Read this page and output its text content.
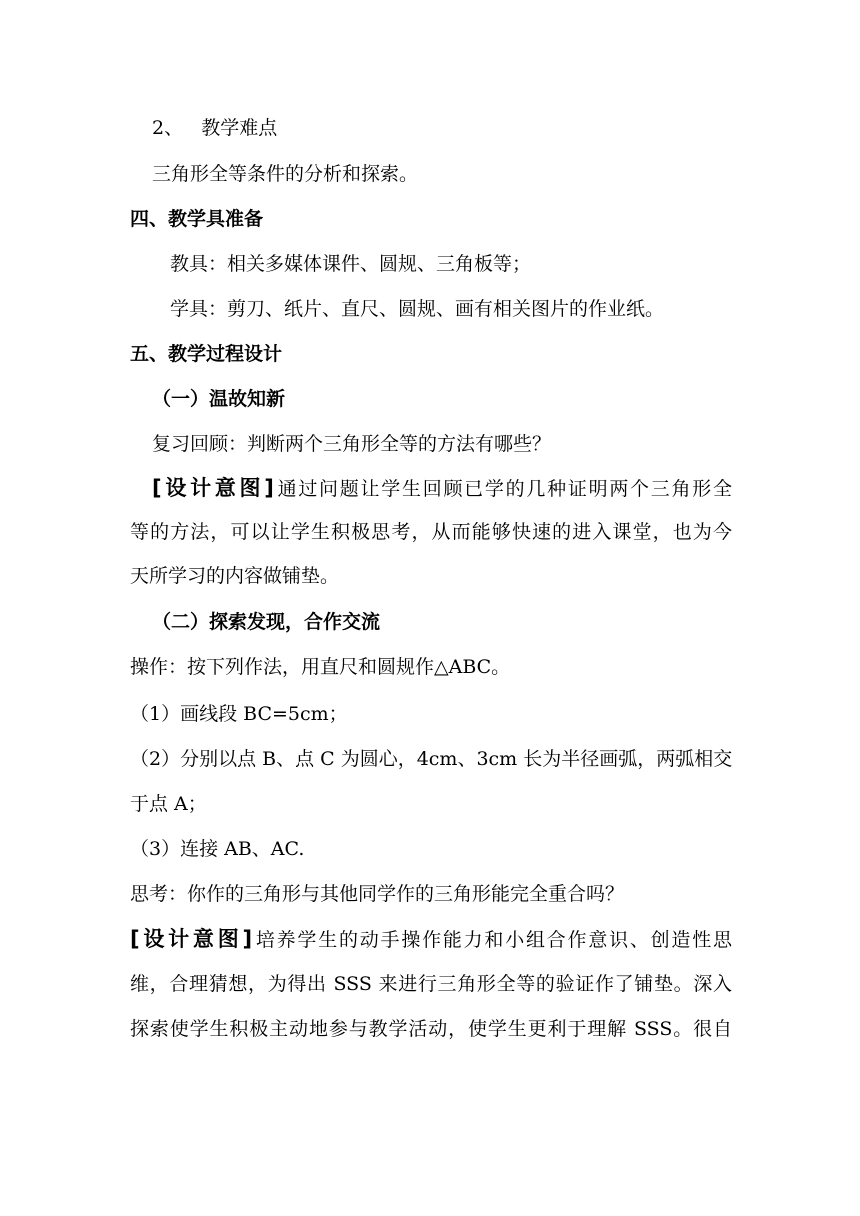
2、 教学难点
三角形全等条件的分析和探索。
四、教学具准备
教具：相关多媒体课件、圆规、三角板等；
学具：剪刀、纸片、直尺、圆规、画有相关图片的作业纸。
五、教学过程设计
（一）温故知新
复习回顾：判断两个三角形全等的方法有哪些？
[设计意图]通过问题让学生回顾已学的几种证明两个三角形全
等的方法，可以让学生积极思考，从而能够快速的进入课堂，也为今
天所学习的内容做铺垫。
（二）探索发现，合作交流
操作：按下列作法，用直尺和圆规作△ABC。
（1）画线段 BC=5cm；
（2）分别以点 B、点 C 为圆心，4cm、3cm 长为半径画弧，两弧相交
于点 A；
（3）连接 AB、AC.
思考：你作的三角形与其他同学作的三角形能完全重合吗？
[设计意图]培养学生的动手操作能力和小组合作意识、创造性思
维，合理猜想，为得出 SSS 来进行三角形全等的验证作了铺垫。深入
探索使学生积极主动地参与教学活动，使学生更利于理解 SSS。很自
